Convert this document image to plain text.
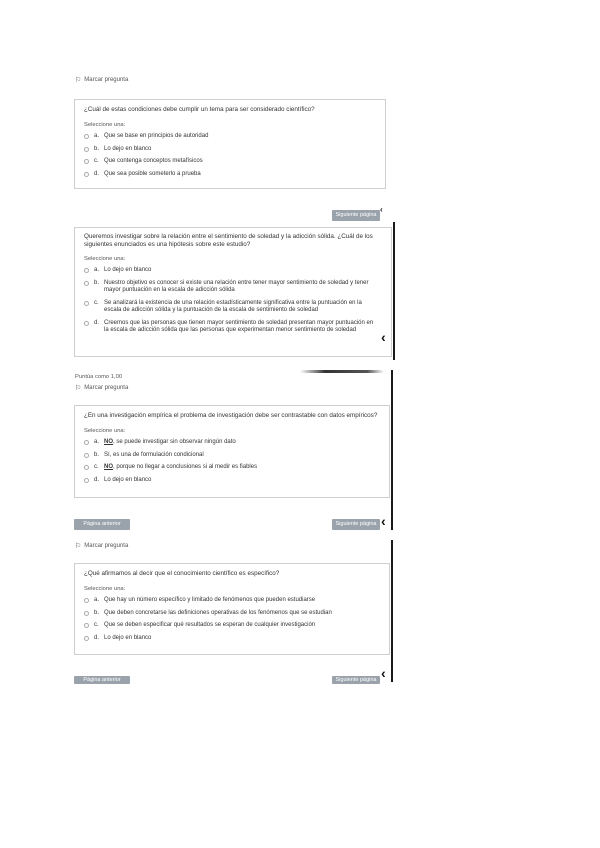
⚐ Marcar pregunta
¿Cuál de estas condiciones debe cumplir un tema para ser considerado científico?
Seleccione una:
a. Que se base en principios de autoridad
b. Lo dejo en blanco
c. Que contenga conceptos metafísicos
d. Que sea posible someterlo a prueba
Siguiente página
‹
Queremos investigar sobre la relación entre el sentimiento de soledad y la adicción sólida. ¿Cuál de los siguientes enunciados es una hipótesis sobre este estudio?
Seleccione una:
a. Lo dejo en blanco
b. Nuestro objetivo es conocer si existe una relación entre tener mayor sentimiento de soledad y tener mayor puntuación en la escala de adicción sólida
c. Se analizará la existencia de una relación estadísticamente significativa entre la puntuación en la escala de adicción sólida y la puntuación de la escala de sentimiento de soledad
d. Creemos que las personas que tienen mayor sentimiento de soledad presentan mayor puntuación en la escala de adicción sólida que las personas que experimentan menor sentimiento de soledad	‹
Puntúa como 1,00
⚐ Marcar pregunta
¿En una investigación empírica el problema de investigación debe ser contrastable con datos empíricos?
Seleccione una:
a. NO , se puede investigar sin observar ningún dato
b. Sí, es una de formulación condicional
c. NO , porque no llegar a conclusiones si al medir es fiables
d. Lo dejo en blanco
Página anterior	Siguiente página ‹
⚐ Marcar pregunta
¿Qué afirmamos al decir que el conocimiento científico es específico?
Seleccione una:
a. Que hay un número específico y limitado de fenómenos que pueden estudiarse
b. Que deben concretarse las definiciones operativas de los fenómenos que se estudian
c. Que se deben especificar qué resultados se esperan de cualquier investigación
d. Lo dejo en blanco
Página anterior	Siguiente página ‹
